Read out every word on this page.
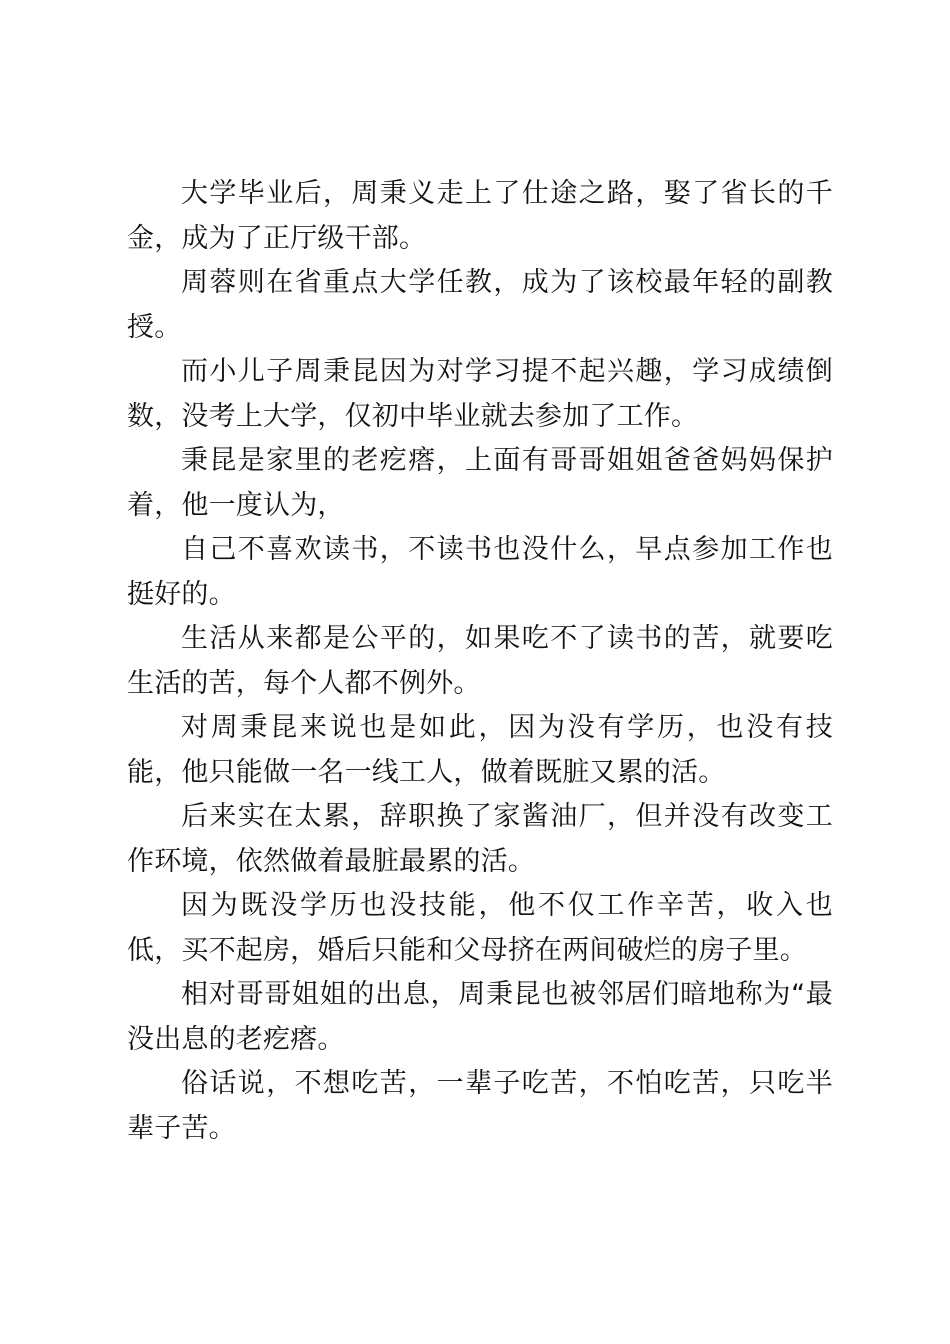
大学毕业后，周秉义走上了仕途之路，娶了省长的千金，成为了正厅级干部。

周蓉则在省重点大学任教，成为了该校最年轻的副教授。

而小儿子周秉昆因为对学习提不起兴趣，学习成绩倒数，没考上大学，仅初中毕业就去参加了工作。

秉昆是家里的老疙瘩，上面有哥哥姐姐爸爸妈妈保护着，他一度认为，

自己不喜欢读书，不读书也没什么，早点参加工作也挺好的。

生活从来都是公平的，如果吃不了读书的苦，就要吃生活的苦，每个人都不例外。

对周秉昆来说也是如此，因为没有学历，也没有技能，他只能做一名一线工人，做着既脏又累的活。

后来实在太累，辞职换了家酱油厂，但并没有改变工作环境，依然做着最脏最累的活。

因为既没学历也没技能，他不仅工作辛苦，收入也低，买不起房，婚后只能和父母挤在两间破烂的房子里。

相对哥哥姐姐的出息，周秉昆也被邻居们暗地称为“最没出息的老疙瘩。

俗话说，不想吃苦，一辈子吃苦，不怕吃苦，只吃半辈子苦。
